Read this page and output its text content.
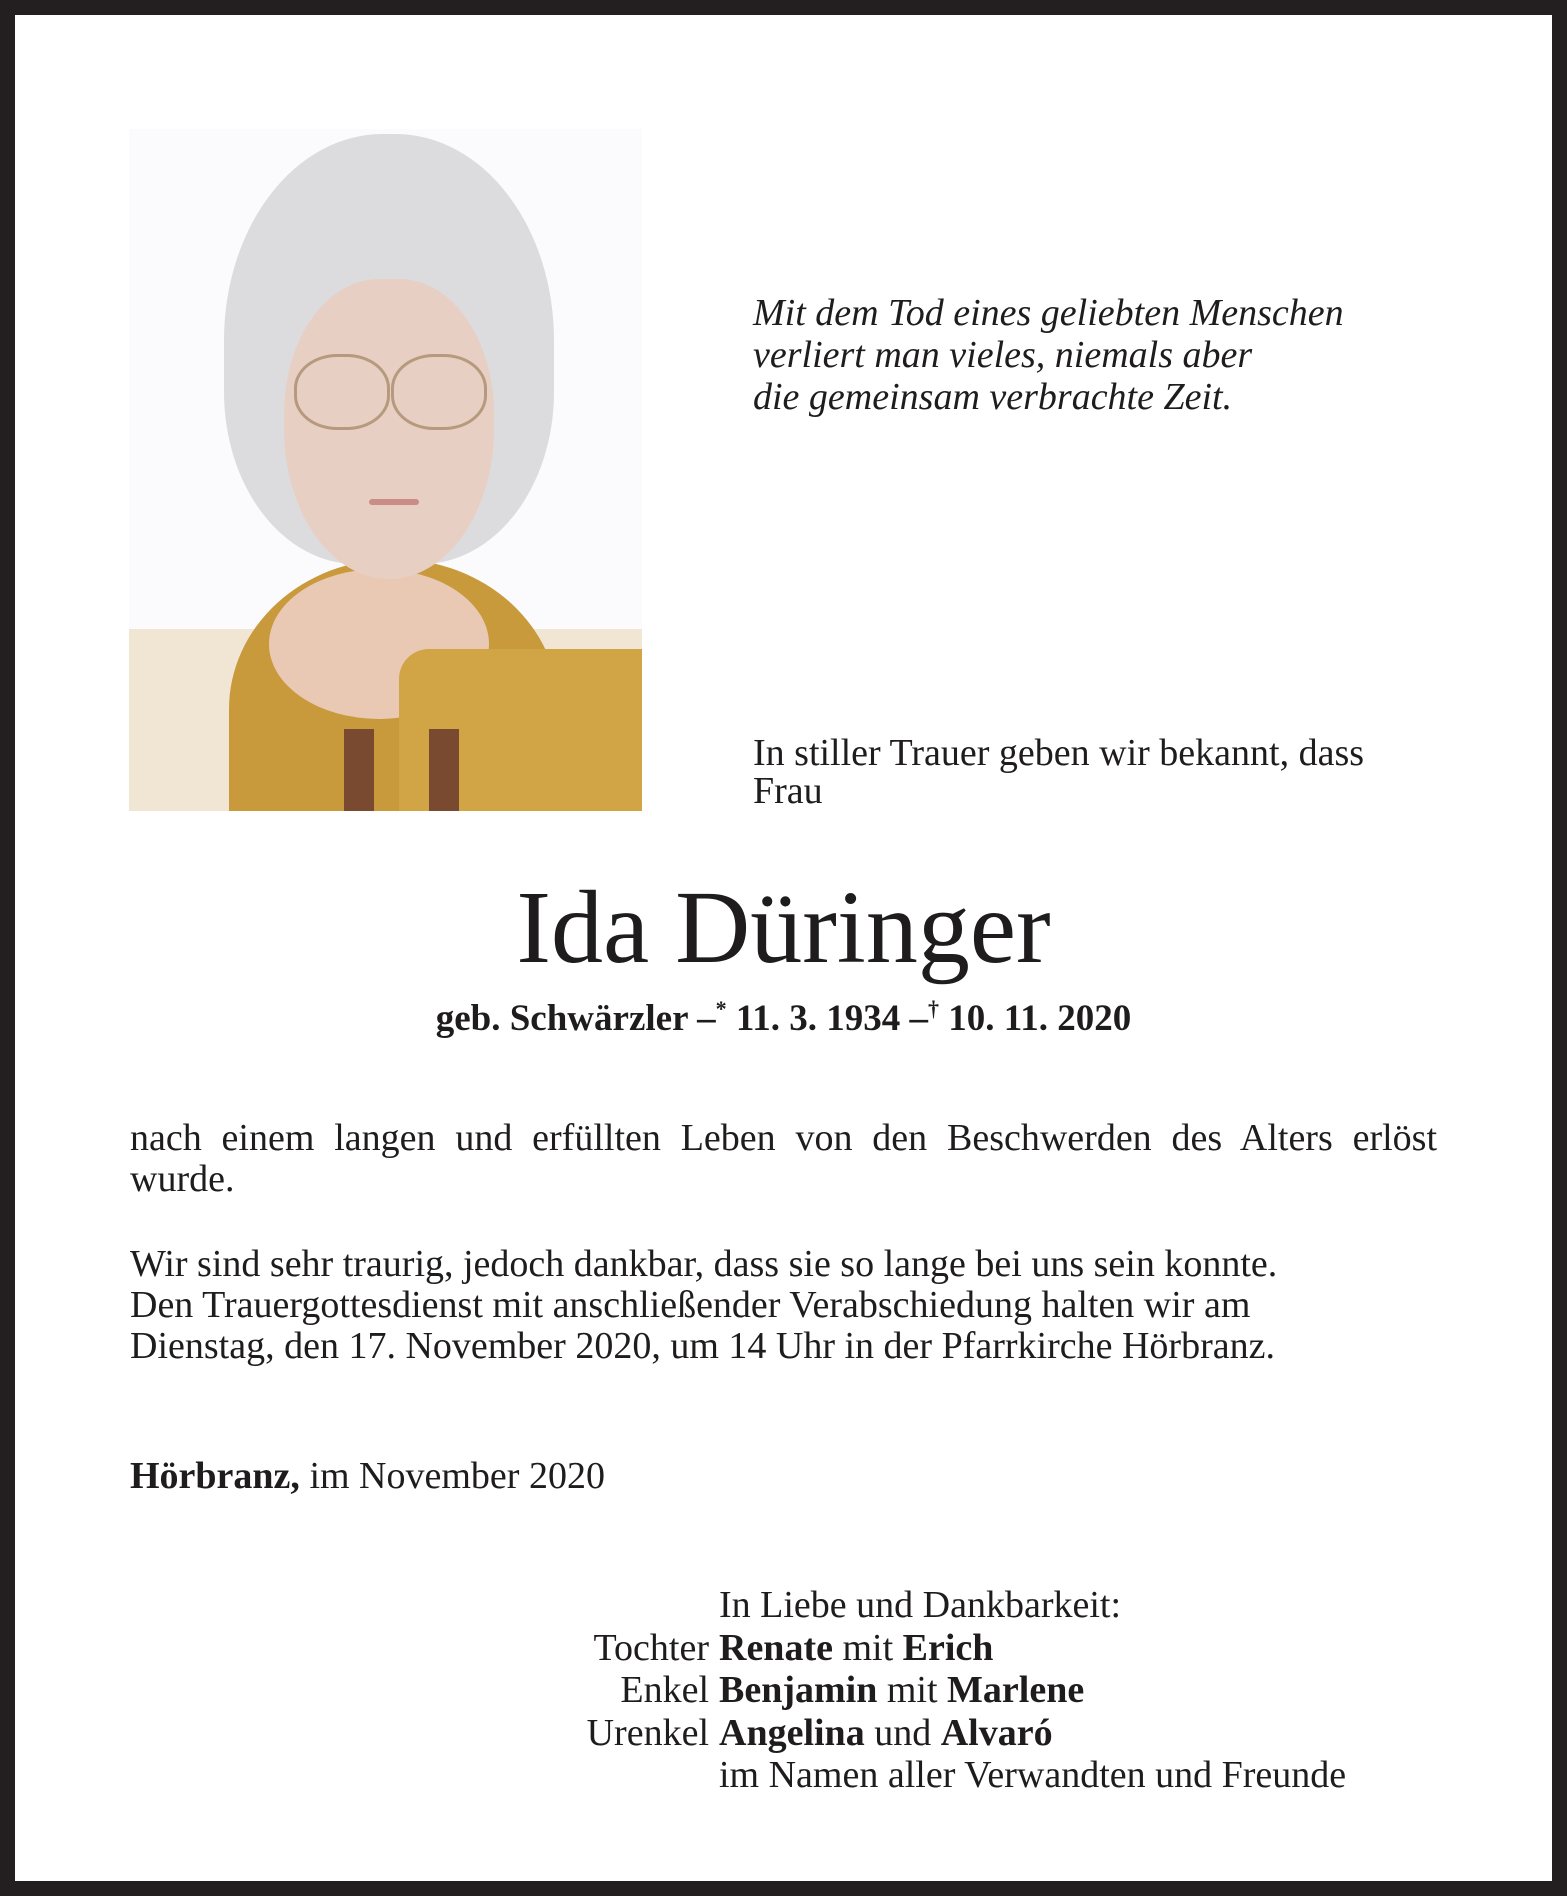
Mit dem Tod eines geliebten Menschen
verliert man vieles, niemals aber
die gemeinsam verbrachte Zeit.
In stiller Trauer geben wir bekannt, dass
Frau
Ida Düringer
geb. Schwärzler –* 11. 3. 1934 –† 10. 11. 2020
nach einem langen und erfüllten Leben von den Beschwerden des Alters erlöst wurde.
Wir sind sehr traurig, jedoch dankbar, dass sie so lange bei uns sein konnte.
Den Trauergottesdienst mit anschließender Verabschiedung halten wir am
Dienstag, den 17. November 2020, um 14 Uhr in der Pfarrkirche Hörbranz.
Hörbranz, im November 2020
In Liebe und Dankbarkeit:
Tochter Renate
mit
Erich
Enkel Benjamin
mit
Marlene
Urenkel Angelina
und
Alvaró
im Namen aller Verwandten und Freunde
